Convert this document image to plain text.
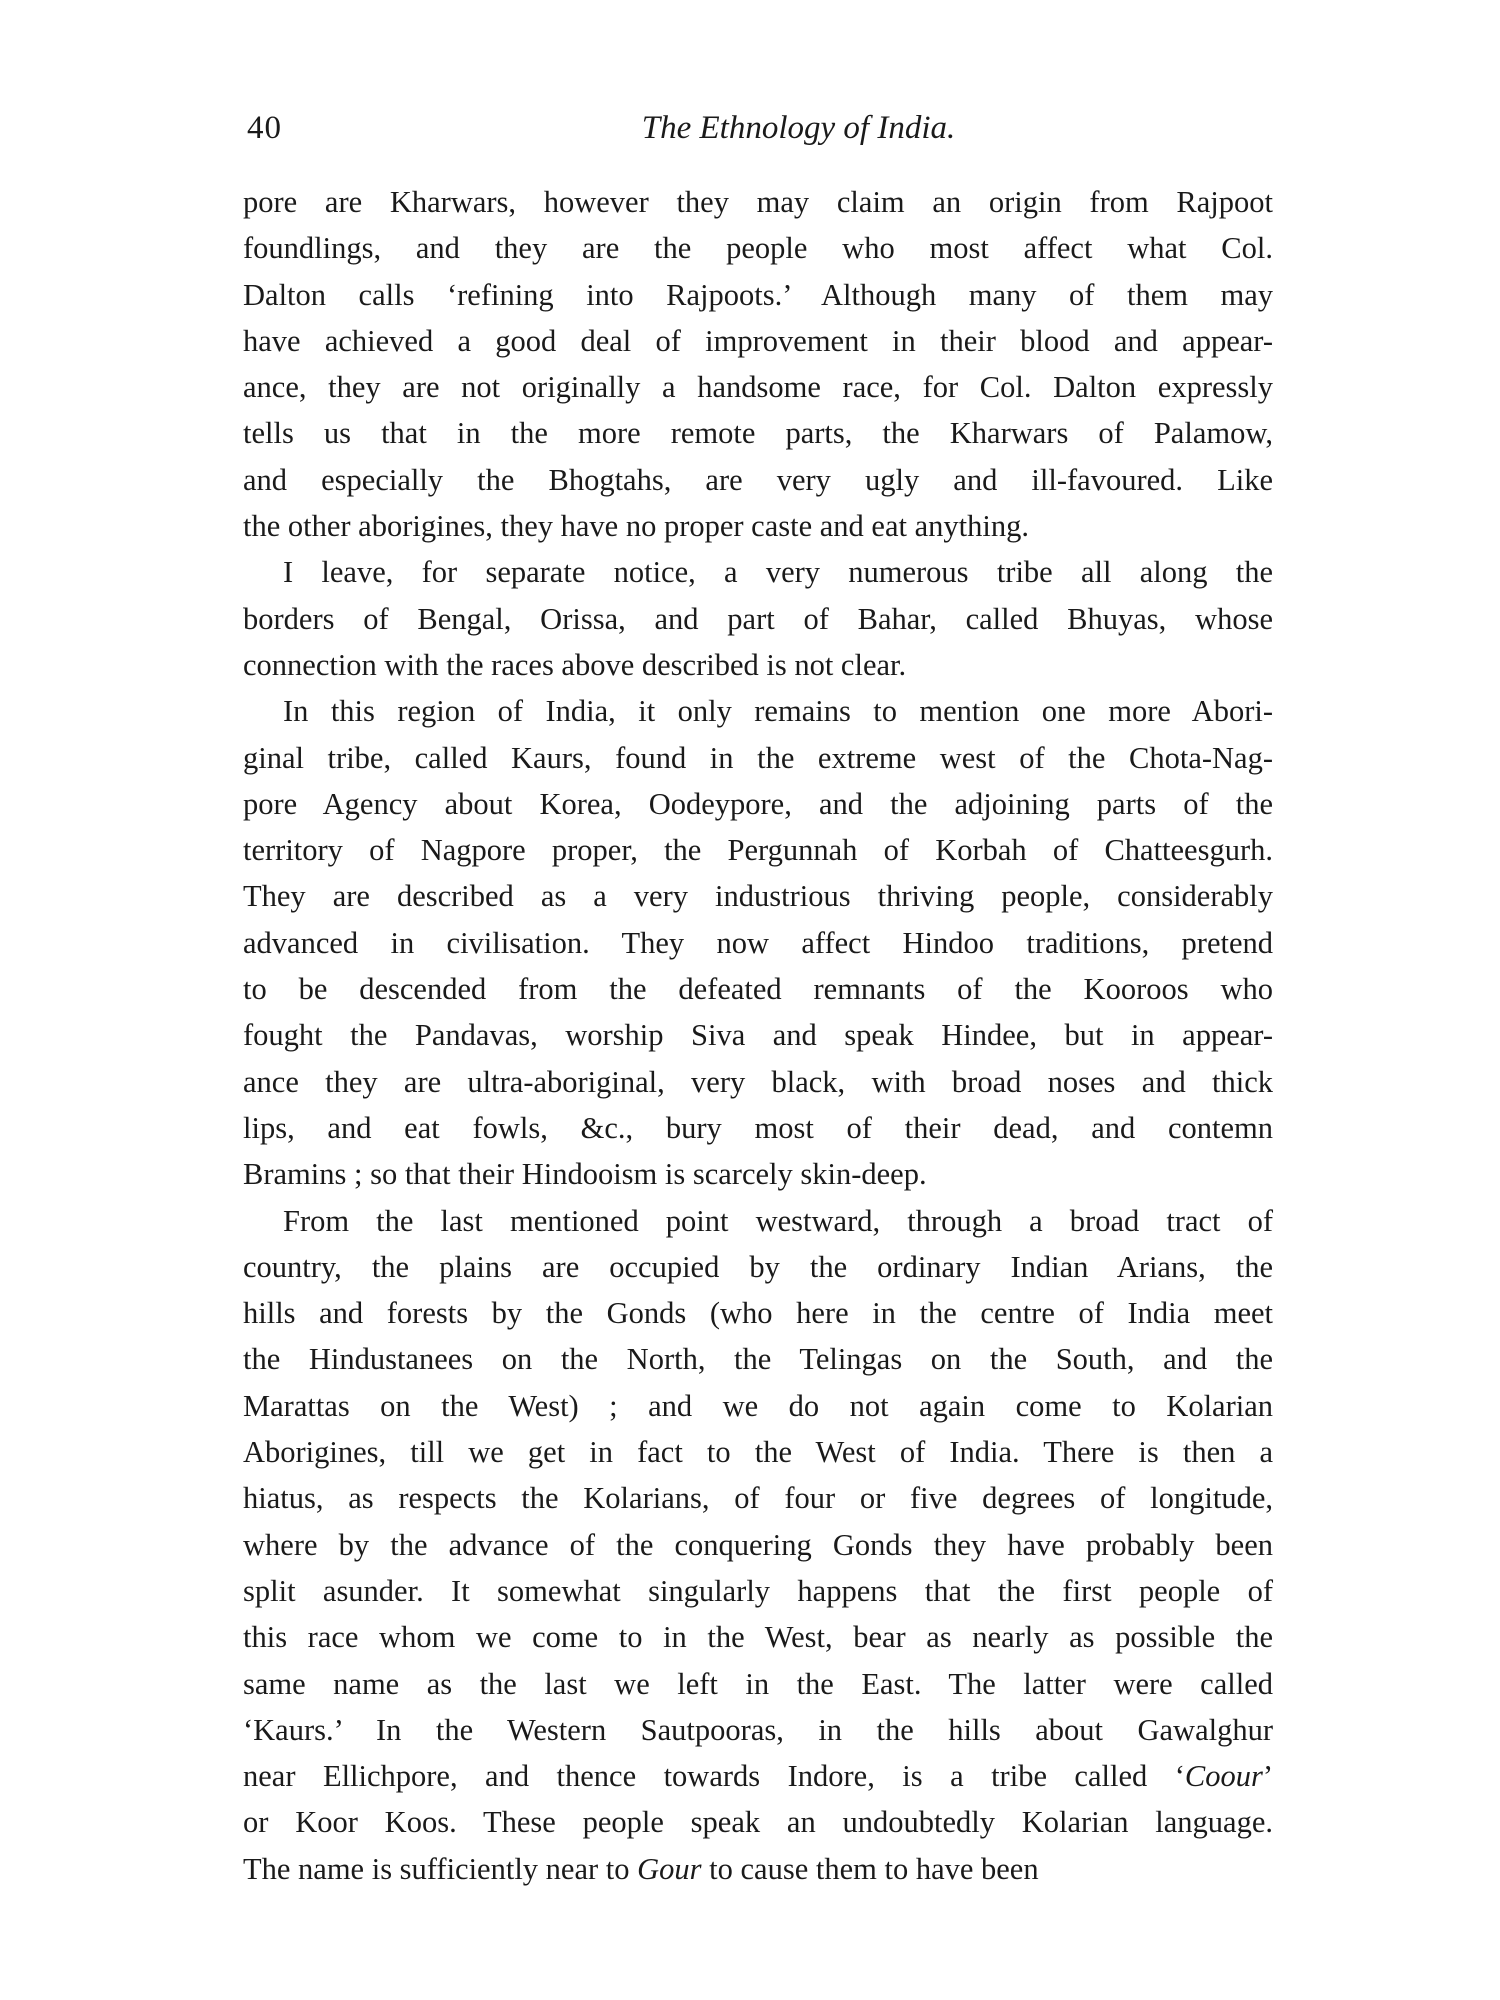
40	The Ethnology of India.
pore are Kharwars, however they may claim an origin from Rajpoot
foundlings, and they are the people who most affect what Col.
Dalton calls ‘refining into Rajpoots.’ Although many of them may
have achieved a good deal of improvement in their blood and appear-
ance, they are not originally a handsome race, for Col. Dalton expressly
tells us that in the more remote parts, the Kharwars of Palamow,
and especially the Bhogtahs, are very ugly and ill-favoured. Like
the other aborigines, they have no proper caste and eat anything.
I leave, for separate notice, a very numerous tribe all along the
borders of Bengal, Orissa, and part of Bahar, called Bhuyas, whose
connection with the races above described is not clear.
In this region of India, it only remains to mention one more Abori-
ginal tribe, called Kaurs, found in the extreme west of the Chota-Nag-
pore Agency about Korea, Oodeypore, and the adjoining parts of the
territory of Nagpore proper, the Pergunnah of Korbah of Chatteesgurh.
They are described as a very industrious thriving people, considerably
advanced in civilisation. They now affect Hindoo traditions, pretend
to be descended from the defeated remnants of the Kooroos who
fought the Pandavas, worship Siva and speak Hindee, but in appear-
ance they are ultra-aboriginal, very black, with broad noses and thick
lips, and eat fowls, &c., bury most of their dead, and contemn
Bramins ; so that their Hindooism is scarcely skin-deep.
From the last mentioned point westward, through a broad tract of
country, the plains are occupied by the ordinary Indian Arians, the
hills and forests by the Gonds (who here in the centre of India meet
the Hindustanees on the North, the Telingas on the South, and the
Marattas on the West) ; and we do not again come to Kolarian
Aborigines, till we get in fact to the West of India. There is then a
hiatus, as respects the Kolarians, of four or five degrees of longitude,
where by the advance of the conquering Gonds they have probably been
split asunder. It somewhat singularly happens that the first people of
this race whom we come to in the West, bear as nearly as possible the
same name as the last we left in the East. The latter were called
‘Kaurs.’ In the Western Sautpooras, in the hills about Gawalghur
near Ellichpore, and thence towards Indore, is a tribe called ‘Coour’
or Koor Koos. These people speak an undoubtedly Kolarian language.
The name is sufficiently near to Gour to cause them to have been
